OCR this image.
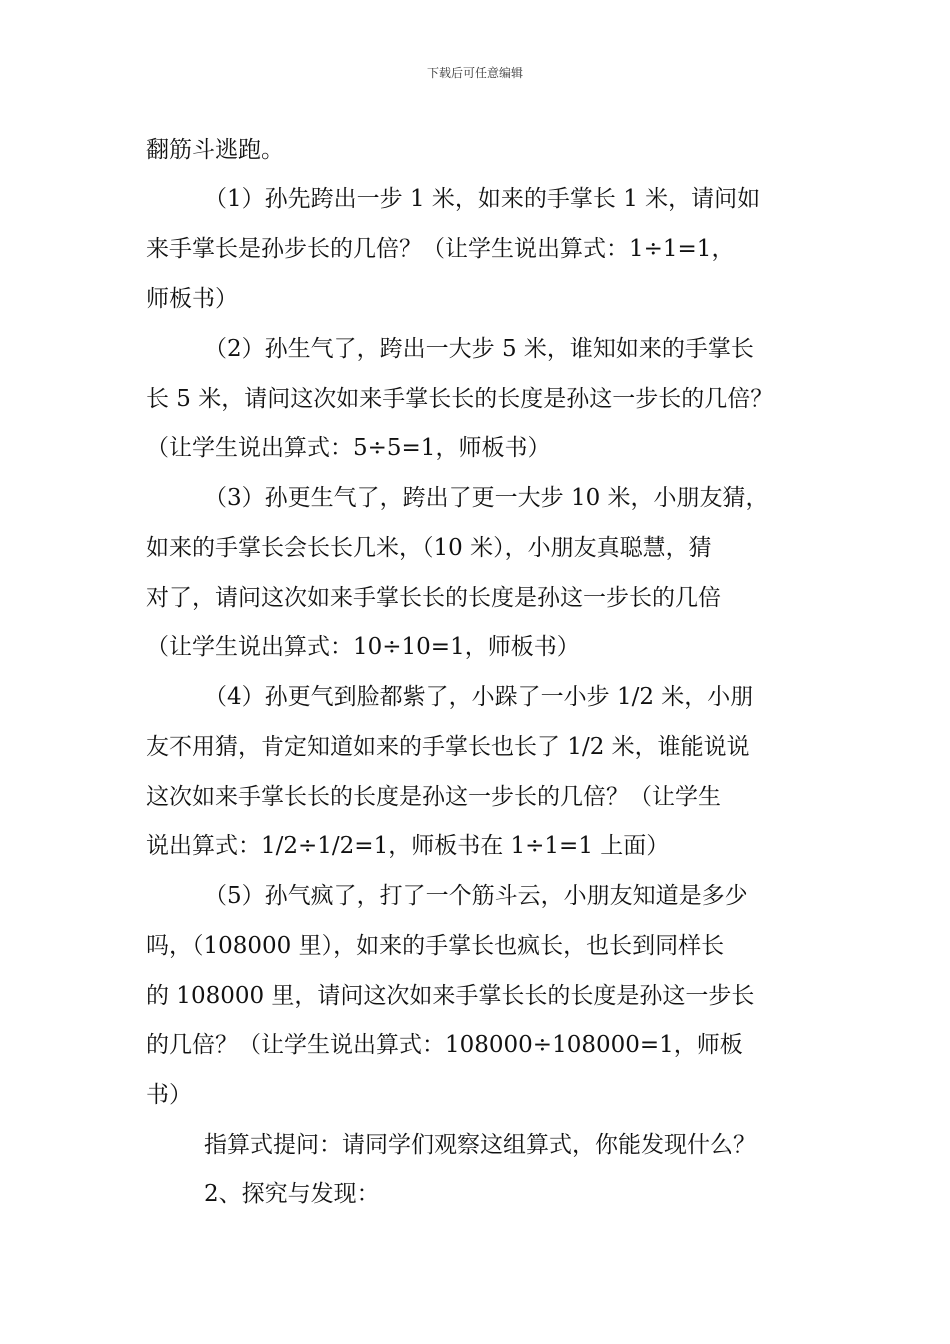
下载后可任意编辑
翻筋斗逃跑。
（1）孙先跨出一步 1 米，如来的手掌长 1 米，请问如
来手掌长是孙步长的几倍？（让学生说出算式：1÷1=1，
师板书）
（2）孙生气了，跨出一大步 5 米，谁知如来的手掌长
长 5 米，请问这次如来手掌长长的长度是孙这一步长的几倍？
（让学生说出算式：5÷5=1，师板书）
（3）孙更生气了，跨出了更一大步 10 米，小朋友猜，
如来的手掌长会长长几米，（10 米），小朋友真聪慧，猜
对了，请问这次如来手掌长长的长度是孙这一步长的几倍
（让学生说出算式：10÷10=1，师板书）
（4）孙更气到脸都紫了，小跺了一小步 1/2 米，小朋
友不用猜，肯定知道如来的手掌长也长了 1/2 米，谁能说说
这次如来手掌长长的长度是孙这一步长的几倍？（让学生
说出算式：1/2÷1/2=1，师板书在 1÷1=1 上面）
（5）孙气疯了，打了一个筋斗云，小朋友知道是多少
吗，（108000 里），如来的手掌长也疯长，也长到同样长
的 108000 里，请问这次如来手掌长长的长度是孙这一步长
的几倍？（让学生说出算式：108000÷108000=1，师板
书）
指算式提问：请同学们观察这组算式，你能发现什么？
2、探究与发现：
